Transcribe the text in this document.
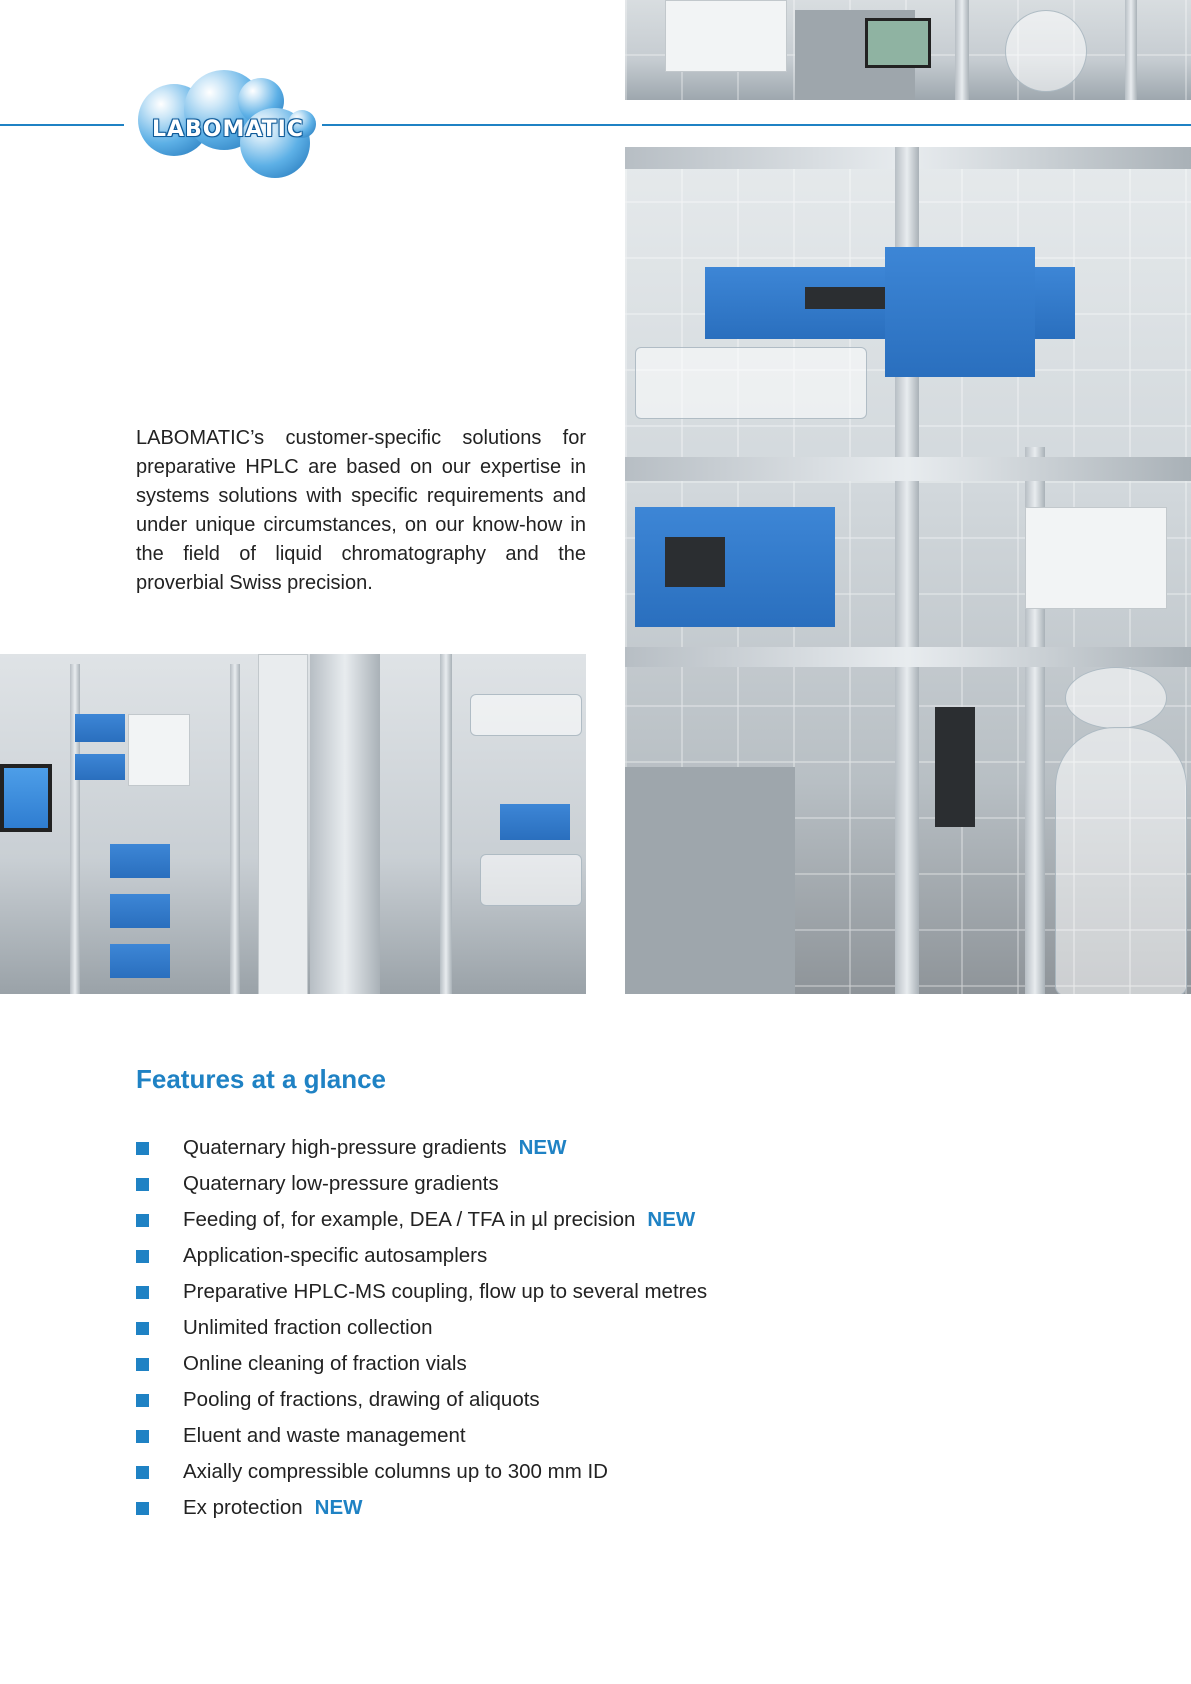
LABOMATIC

LABOMATIC’s customer-specific solutions for preparative HPLC are based on our expertise in systems solutions with specific requirements and under unique circumstances, on our know-how in the field of liquid chromatography and the proverbial Swiss precision.

Features at a glance
Quaternary high-pressure gradients NEW
Quaternary low-pressure gradients
Feeding of, for example, DEA / TFA in µl precision NEW
Application-specific autosamplers
Preparative HPLC-MS coupling, flow up to several metres
Unlimited fraction collection
Online cleaning of fraction vials
Pooling of fractions, drawing of aliquots
Eluent and waste management
Axially compressible columns up to 300 mm ID
Ex protection NEW
